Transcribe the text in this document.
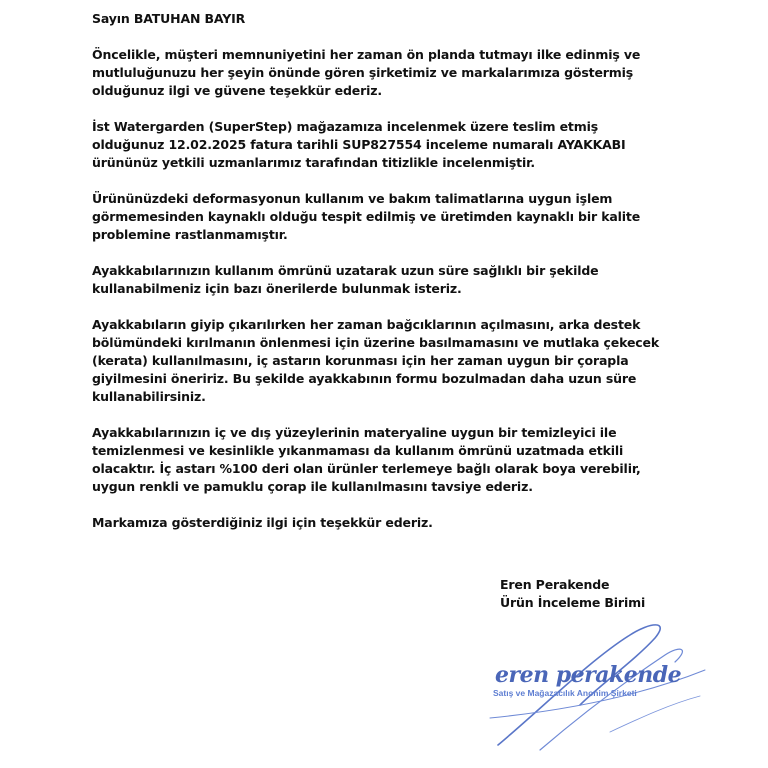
Sayın BATUHAN BAYIR

Öncelikle, müşteri memnuniyetini her zaman ön planda tutmayı ilke edinmiş ve
mutluluğunuzu her şeyin önünde gören şirketimiz ve markalarımıza göstermiş
olduğunuz ilgi ve güvene teşekkür ederiz.

İst Watergarden (SuperStep) mağazamıza incelenmek üzere teslim etmiş
olduğunuz 12.02.2025 fatura tarihli SUP827554 inceleme numaralı AYAKKABI
ürününüz yetkili uzmanlarımız tarafından titizlikle incelenmiştir.

Ürününüzdeki deformasyonun kullanım ve bakım talimatlarına uygun işlem
görmemesinden kaynaklı olduğu tespit edilmiş ve üretimden kaynaklı bir kalite
problemine rastlanmamıştır.

Ayakkabılarınızın kullanım ömrünü uzatarak uzun süre sağlıklı bir şekilde
kullanabilmeniz için bazı önerilerde bulunmak isteriz.

Ayakkabıların giyip çıkarılırken her zaman bağcıklarının açılmasını, arka destek
bölümündeki kırılmanın önlenmesi için üzerine basılmamasını ve mutlaka çekecek
(kerata) kullanılmasını, iç astarın korunması için her zaman uygun bir çorapla
giyilmesini öneririz. Bu şekilde ayakkabının formu bozulmadan daha uzun süre
kullanabilirsiniz.

Ayakkabılarınızın iç ve dış yüzeylerinin materyaline uygun bir temizleyici ile
temizlenmesi ve kesinlikle yıkanmaması da kullanım ömrünü uzatmada etkili
olacaktır. İç astarı %100 deri olan ürünler terlemeye bağlı olarak boya verebilir,
uygun renkli ve pamuklu çorap ile kullanılmasını tavsiye ederiz.

Markamıza gösterdiğiniz ilgi için teşekkür ederiz.

Eren Perakende
Ürün İnceleme Birimi
eren perakende
Satış ve Mağazacılık Anonim Şirketi
